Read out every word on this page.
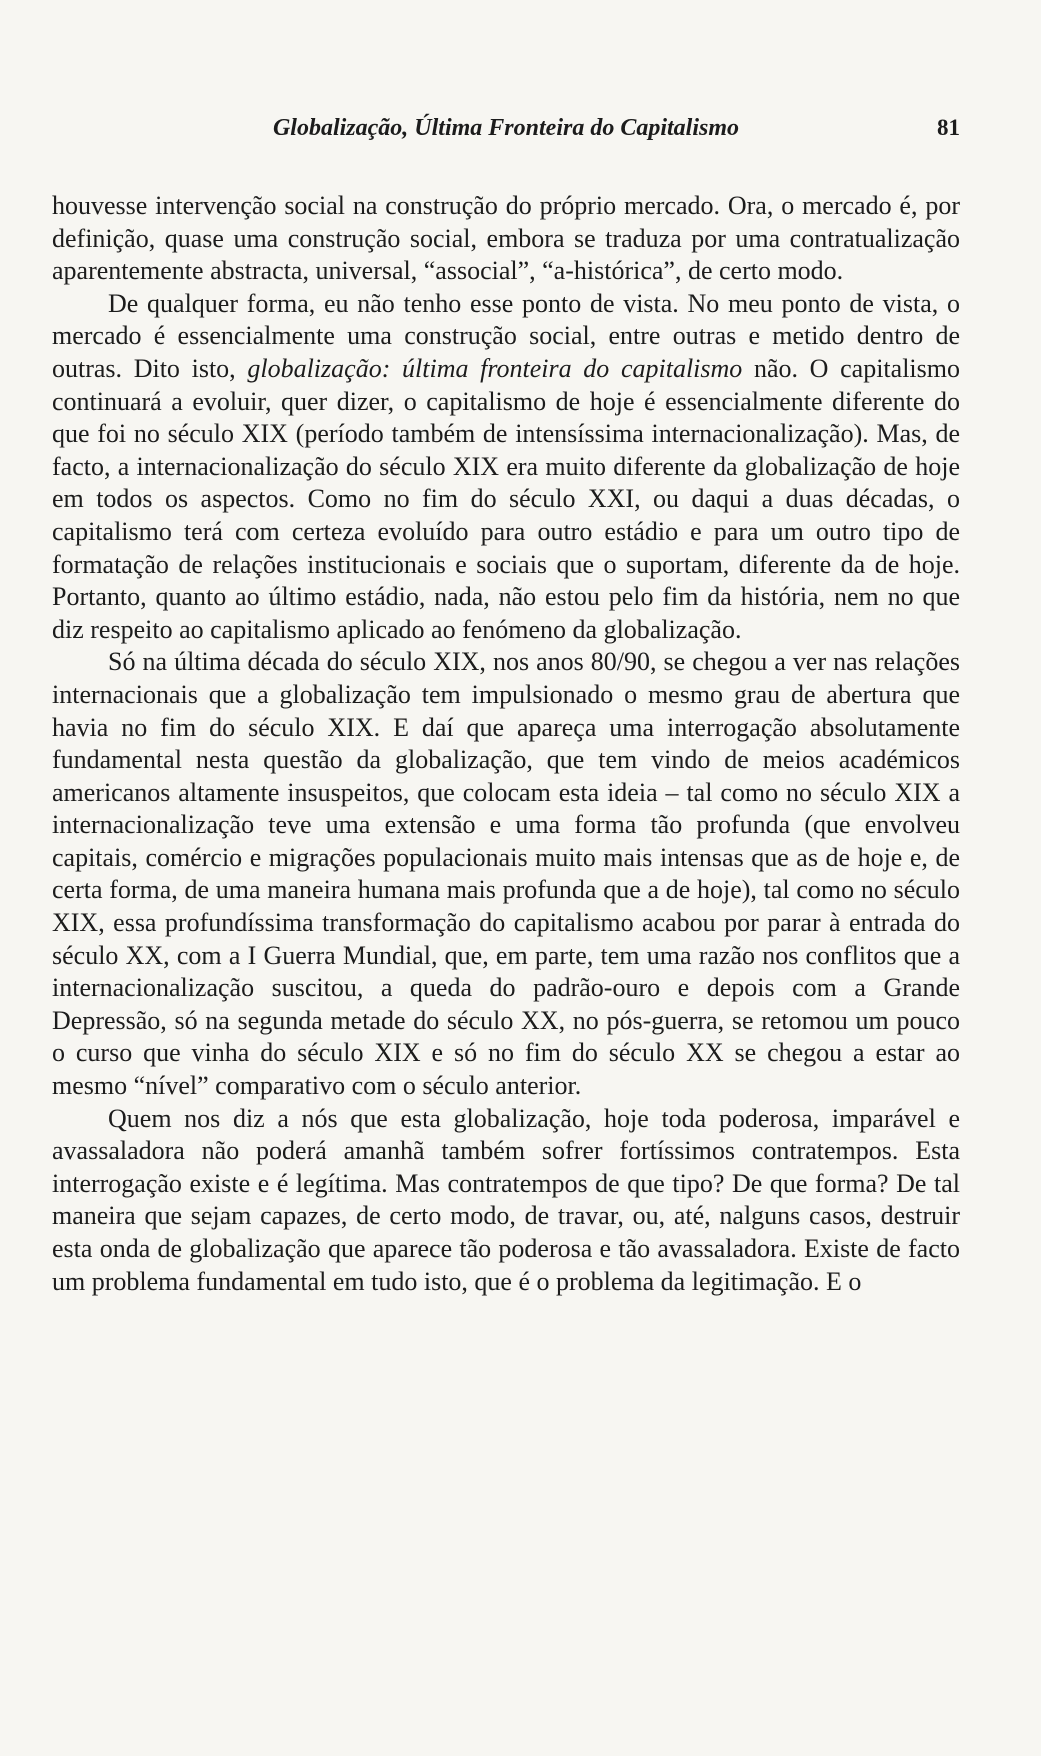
Globalização, Última Fronteira do Capitalismo	81

houvesse intervenção social na construção do próprio mercado. Ora, o mercado é, por definição, quase uma construção social, embora se traduza por uma contratualização aparentemente abstracta, universal, “associal”, “a-histórica”, de certo modo.

De qualquer forma, eu não tenho esse ponto de vista. No meu ponto de vista, o mercado é essencialmente uma construção social, entre outras e metido dentro de outras. Dito isto, globalização: última fronteira do capitalismo não. O capitalismo continuará a evoluir, quer dizer, o capitalismo de hoje é essencialmente diferente do que foi no século XIX (período também de intensíssima internacionalização). Mas, de facto, a internacionalização do século XIX era muito diferente da globalização de hoje em todos os aspectos. Como no fim do século XXI, ou daqui a duas décadas, o capitalismo terá com certeza evoluído para outro estádio e para um outro tipo de formatação de relações institucionais e sociais que o suportam, diferente da de hoje. Portanto, quanto ao último estádio, nada, não estou pelo fim da história, nem no que diz respeito ao capitalismo aplicado ao fenómeno da globalização.

Só na última década do século XIX, nos anos 80/90, se chegou a ver nas relações internacionais que a globalização tem impulsionado o mesmo grau de abertura que havia no fim do século XIX. E daí que apareça uma interrogação absolutamente fundamental nesta questão da globalização, que tem vindo de meios académicos americanos altamente insuspeitos, que colocam esta ideia – tal como no século XIX a internacionalização teve uma extensão e uma forma tão profunda (que envolveu capitais, comércio e migrações populacionais muito mais intensas que as de hoje e, de certa forma, de uma maneira humana mais profunda que a de hoje), tal como no século XIX, essa profundíssima transformação do capitalismo acabou por parar à entrada do século XX, com a I Guerra Mundial, que, em parte, tem uma razão nos conflitos que a internacionalização suscitou, a queda do padrão-ouro e depois com a Grande Depressão, só na segunda metade do século XX, no pós-guerra, se retomou um pouco o curso que vinha do século XIX e só no fim do século XX se chegou a estar ao mesmo “nível” comparativo com o século anterior.

Quem nos diz a nós que esta globalização, hoje toda poderosa, imparável e avassaladora não poderá amanhã também sofrer fortíssimos contratempos. Esta interrogação existe e é legítima. Mas contratempos de que tipo? De que forma? De tal maneira que sejam capazes, de certo modo, de travar, ou, até, nalguns casos, destruir esta onda de globalização que aparece tão poderosa e tão avassaladora. Existe de facto um problema fundamental em tudo isto, que é o problema da legitimação. E o
